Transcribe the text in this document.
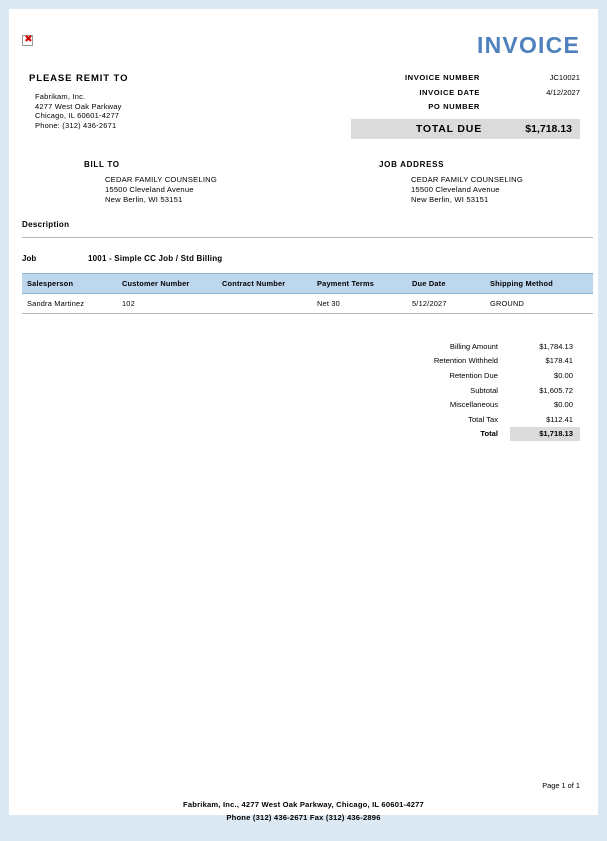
✖	INVOICE
PLEASE REMIT TO
Fabrikam, Inc.
4277 West Oak Parkway
Chicago, IL 60601-4277
Phone: (312) 436-2671
INVOICE NUMBER	JC10021
INVOICE DATE	4/12/2027
PO NUMBER
TOTAL DUE	$1,718.13
BILL TO
CEDAR FAMILY COUNSELING
15500 Cleveland Avenue
New Berlin, WI 53151
JOB ADDRESS
CEDAR FAMILY COUNSELING
15500 Cleveland Avenue
New Berlin, WI 53151
Description
Job	1001 - Simple CC Job / Std Billing
Salesperson	Customer Number	Contract Number	Payment Terms	Due Date	Shipping Method
Sandra Martinez	102		Net 30	5/12/2027	GROUND
Billing Amount	$1,784.13
Retention Withheld	$178.41
Retention Due	$0.00
Subtotal	$1,605.72
Miscellaneous	$0.00
Total Tax	$112.41
Total	$1,718.13
Page 1 of 1
Fabrikam, Inc., 4277 West Oak Parkway, Chicago, IL 60601-4277
Phone (312) 436-2671 Fax (312) 436-2896
